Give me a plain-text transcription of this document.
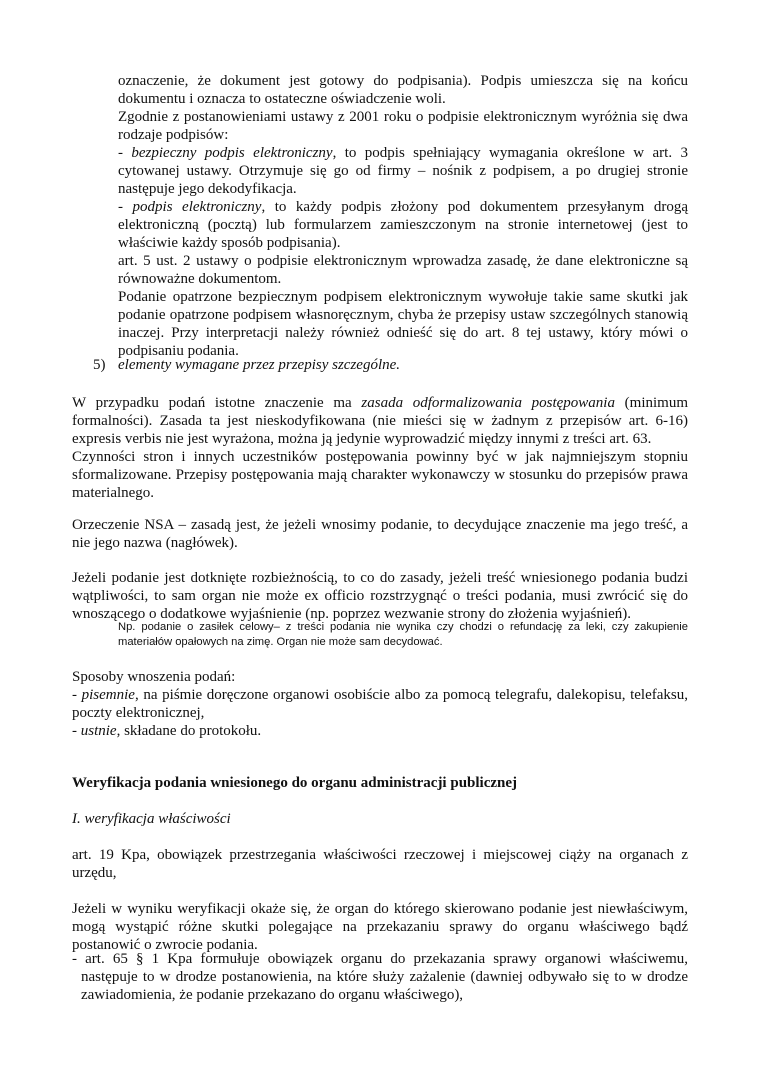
oznaczenie, że dokument jest gotowy do podpisania). Podpis umieszcza się na końcu dokumentu i oznacza to ostateczne oświadczenie woli.

Zgodnie z postanowieniami ustawy z 2001 roku o podpisie elektronicznym wyróżnia się dwa rodzaje podpisów:

- bezpieczny podpis elektroniczny, to podpis spełniający wymagania określone w art. 3 cytowanej ustawy. Otrzymuje się go od firmy – nośnik z podpisem, a po drugiej stronie następuje jego dekodyfikacja.

- podpis elektroniczny, to każdy podpis złożony pod dokumentem przesyłanym drogą elektroniczną (pocztą) lub formularzem zamieszczonym na stronie internetowej (jest to właściwie każdy sposób podpisania).

art. 5 ust. 2 ustawy o podpisie elektronicznym wprowadza zasadę, że dane elektroniczne są równoważne dokumentom.

Podanie opatrzone bezpiecznym podpisem elektronicznym wywołuje takie same skutki jak podanie opatrzone podpisem własnoręcznym, chyba że przepisy ustaw szczególnych stanowią inaczej. Przy interpretacji należy również odnieść się do art. 8 tej ustawy, który mówi o podpisaniu podania.

5) elementy wymagane przez przepisy szczególne.

W przypadku podań istotne znaczenie ma zasada odformalizowania postępowania (minimum formalności). Zasada ta jest nieskodyfikowana (nie mieści się w żadnym z przepisów art. 6-16) expresis verbis nie jest wyrażona, można ją jedynie wyprowadzić między innymi z treści art. 63.

Czynności stron i innych uczestników postępowania powinny być w jak najmniejszym stopniu sformalizowane. Przepisy postępowania mają charakter wykonawczy w stosunku do przepisów prawa materialnego.

Orzeczenie NSA – zasadą jest, że jeżeli wnosimy podanie, to decydujące znaczenie ma jego treść, a nie jego nazwa (nagłówek).

Jeżeli podanie jest dotknięte rozbieżnością, to co do zasady, jeżeli treść wniesionego podania budzi wątpliwości, to sam organ nie może ex officio rozstrzygnąć o treści podania, musi zwrócić się do wnoszącego o dodatkowe wyjaśnienie (np. poprzez wezwanie strony do złożenia wyjaśnień).

Np. podanie o zasiłek celowy– z treści podania nie wynika czy chodzi o refundację za leki, czy zakupienie materiałów opałowych na zimę. Organ nie może sam decydować.

Sposoby wnoszenia podań:

- pisemnie, na piśmie doręczone organowi osobiście albo za pomocą telegrafu, dalekopisu, telefaksu, poczty elektronicznej,

- ustnie, składane do protokołu.

Weryfikacja podania wniesionego do organu administracji publicznej

I. weryfikacja właściwości

art. 19 Kpa, obowiązek przestrzegania właściwości rzeczowej i miejscowej ciąży na organach z urzędu,

Jeżeli w wyniku weryfikacji okaże się, że organ do którego skierowano podanie jest niewłaściwym, mogą wystąpić różne skutki polegające na przekazaniu sprawy do organu właściwego bądź postanowić o zwrocie podania.

- art. 65 § 1 Kpa formułuje obowiązek organu do przekazania sprawy organowi właściwemu, następuje to w drodze postanowienia, na które służy zażalenie (dawniej odbywało się to w drodze zawiadomienia, że podanie przekazano do organu właściwego),
